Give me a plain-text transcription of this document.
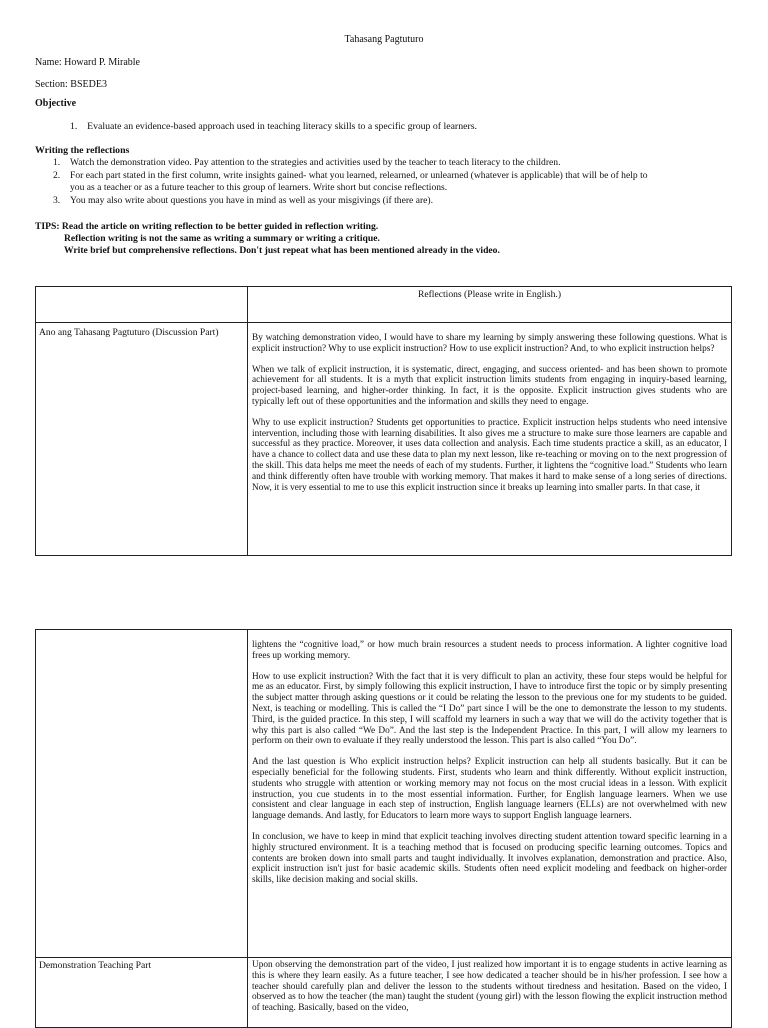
Tahasang Pagtuturo
Name: Howard P. Mirable
Section: BSEDE3
Objective
1. Evaluate an evidence-based approach used in teaching literacy skills to a specific group of learners.
Writing the reflections
1. Watch the demonstration video. Pay attention to the strategies and activities used by the teacher to teach literacy to the children.
2. For each part stated in the first column, write insights gained- what you learned, relearned, or unlearned (whatever is applicable) that will be of help to
you as a teacher or as a future teacher to this group of learners. Write short but concise reflections.
3. You may also write about questions you have in mind as well as your misgivings (if there are).
TIPS: Read the article on writing reflection to be better guided in reflection writing.
Reflection writing is not the same as writing a summary or writing a critique.
Write brief but comprehensive reflections. Don't just repeat what has been mentioned already in the video.
	Reflections (Please write in English.)
Ano ang Tahasang Pagtuturo (Discussion Part)	By watching demonstration video, I would have to share my learning by simply answering these following questions. What is explicit instruction? Why to use explicit instruction? How to use explicit instruction? And, to who explicit instruction helps?

When we talk of explicit instruction, it is systematic, direct, engaging, and success oriented- and has been shown to promote achievement for all students. It is a myth that explicit instruction limits students from engaging in inquiry-based learning, project-based learning, and higher-order thinking. In fact, it is the opposite. Explicit instruction gives students who are typically left out of these opportunities and the information and skills they need to engage.

Why to use explicit instruction? Students get opportunities to practice. Explicit instruction helps students who need intensive intervention, including those with learning disabilities. It also gives me a structure to make sure those learners are capable and successful as they practice. Moreover, it uses data collection and analysis. Each time students practice a skill, as an educator, I have a chance to collect data and use these data to plan my next lesson, like re-teaching or moving on to the next progression of the skill. This data helps me meet the needs of each of my students. Further, it lightens the “cognitive load.” Students who learn and think differently often have trouble with working memory. That makes it hard to make sense of a long series of directions. Now, it is very essential to me to use this explicit instruction since it breaks up learning into smaller parts. In that case, it

	lightens the “cognitive load,” or how much brain resources a student needs to process information. A lighter cognitive load frees up working memory.

How to use explicit instruction? With the fact that it is very difficult to plan an activity, these four steps would be helpful for me as an educator. First, by simply following this explicit instruction, I have to introduce first the topic or by simply presenting the subject matter through asking questions or it could be relating the lesson to the previous one for my students to be guided. Next, is teaching or modelling. This is called the “I Do” part since I will be the one to demonstrate the lesson to my students. Third, is the guided practice. In this step, I will scaffold my learners in such a way that we will do the activity together that is why this part is also called “We Do”. And the last step is the Independent Practice. In this part, I will allow my learners to perform on their own to evaluate if they really understood the lesson. This part is also called “You Do”.

And the last question is Who explicit instruction helps? Explicit instruction can help all students basically. But it can be especially beneficial for the following students. First, students who learn and think differently. Without explicit instruction, students who struggle with attention or working memory may not focus on the most crucial ideas in a lesson. With explicit instruction, you cue students in to the most essential information. Further, for English language learners. When we use consistent and clear language in each step of instruction, English language learners (ELLs) are not overwhelmed with new language demands. And lastly, for Educators to learn more ways to support English language learners.

In conclusion, we have to keep in mind that explicit teaching involves directing student attention toward specific learning in a highly structured environment. It is a teaching method that is focused on producing specific learning outcomes. Topics and contents are broken down into small parts and taught individually. It involves explanation, demonstration and practice. Also, explicit instruction isn't just for basic academic skills. Students often need explicit modeling and feedback on higher-order skills, like decision making and social skills.

Demonstration Teaching Part	Upon observing the demonstration part of the video, I just realized how important it is to engage students in active learning as this is where they learn easily. As a future teacher, I see how dedicated a teacher should be in his/her profession. I see how a teacher should carefully plan and deliver the lesson to the students without tiredness and hesitation. Based on the video, I observed as to how the teacher (the man) taught the student (young girl) with the lesson flowing the explicit instruction method of teaching. Basically, based on the video,
